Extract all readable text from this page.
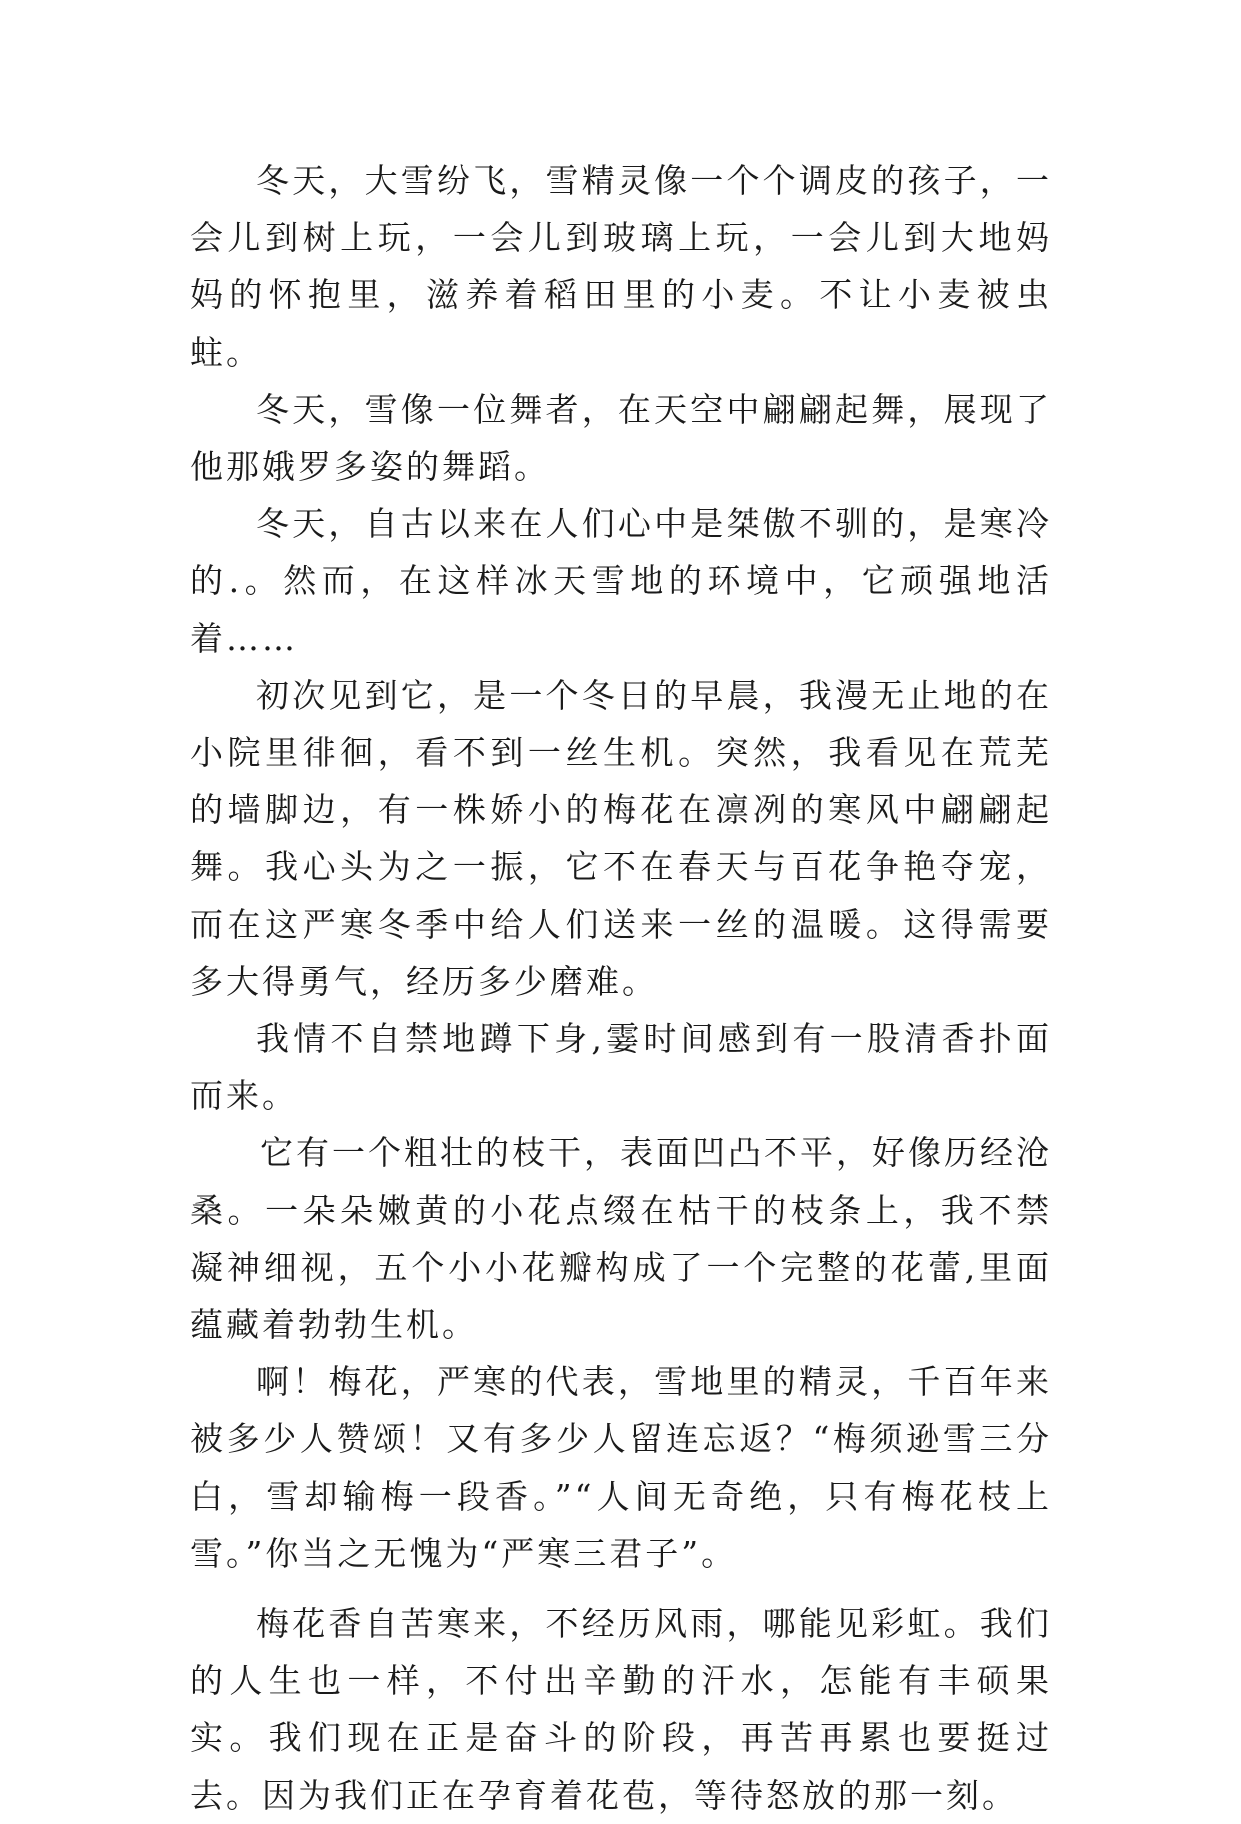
冬天，大雪纷飞，雪精灵像一个个调皮的孩子，一会儿到树上玩，一会儿到玻璃上玩，一会儿到大地妈妈的怀抱里，滋养着稻田里的小麦。不让小麦被虫蛀。

冬天，雪像一位舞者，在天空中翩翩起舞，展现了他那娥罗多姿的舞蹈。

冬天，自古以来在人们心中是桀傲不驯的，是寒冷的.。然而，在这样冰天雪地的环境中，它顽强地活着……

初次见到它，是一个冬日的早晨，我漫无止地的在小院里徘徊，看不到一丝生机。突然，我看见在荒芜的墙脚边，有一株娇小的梅花在凛冽的寒风中翩翩起舞。我心头为之一振，它不在春天与百花争艳夺宠，而在这严寒冬季中给人们送来一丝的温暖。这得需要多大得勇气，经历多少磨难。

我情不自禁地蹲下身,霎时间感到有一股清香扑面而来。

它有一个粗壮的枝干，表面凹凸不平，好像历经沧桑。一朵朵嫩黄的小花点缀在枯干的枝条上，我不禁凝神细视，五个小小花瓣构成了一个完整的花蕾,里面蕴藏着勃勃生机。

啊！梅花，严寒的代表，雪地里的精灵，千百年来被多少人赞颂！又有多少人留连忘返？“梅须逊雪三分白，雪却输梅一段香。”“人间无奇绝，只有梅花枝上雪。”你当之无愧为“严寒三君子”。

梅花香自苦寒来，不经历风雨，哪能见彩虹。我们的人生也一样，不付出辛勤的汗水，怎能有丰硕果实。我们现在正是奋斗的阶段，再苦再累也要挺过去。因为我们正在孕育着花苞，等待怒放的那一刻。
